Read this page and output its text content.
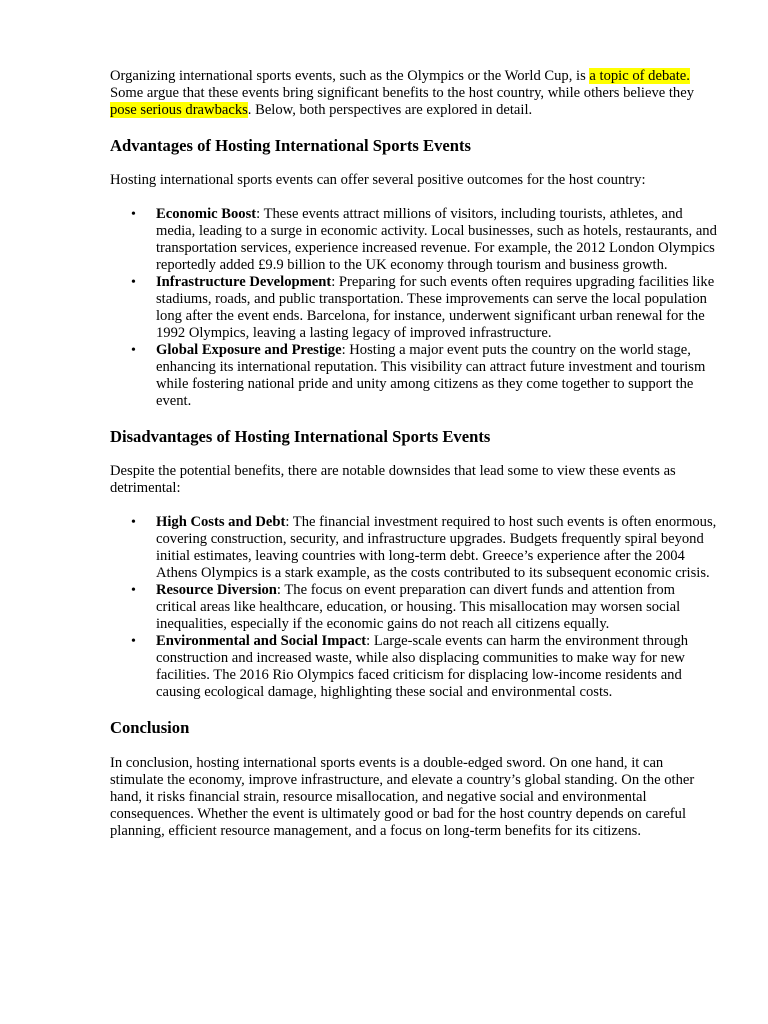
Organizing international sports events, such as the Olympics or the World Cup, is a topic of debate. Some argue that these events bring significant benefits to the host country, while others believe they pose serious drawbacks. Below, both perspectives are explored in detail.

Advantages of Hosting International Sports Events

Hosting international sports events can offer several positive outcomes for the host country:

• Economic Boost: These events attract millions of visitors, including tourists, athletes, and media, leading to a surge in economic activity. Local businesses, such as hotels, restaurants, and transportation services, experience increased revenue. For example, the 2012 London Olympics reportedly added £9.9 billion to the UK economy through tourism and business growth.
• Infrastructure Development: Preparing for such events often requires upgrading facilities like stadiums, roads, and public transportation. These improvements can serve the local population long after the event ends. Barcelona, for instance, underwent significant urban renewal for the 1992 Olympics, leaving a lasting legacy of improved infrastructure.
• Global Exposure and Prestige: Hosting a major event puts the country on the world stage, enhancing its international reputation. This visibility can attract future investment and tourism while fostering national pride and unity among citizens as they come together to support the event.
Disadvantages of Hosting International Sports Events

Despite the potential benefits, there are notable downsides that lead some to view these events as detrimental:

• High Costs and Debt: The financial investment required to host such events is often enormous, covering construction, security, and infrastructure upgrades. Budgets frequently spiral beyond initial estimates, leaving countries with long-term debt. Greece’s experience after the 2004 Athens Olympics is a stark example, as the costs contributed to its subsequent economic crisis.
• Resource Diversion: The focus on event preparation can divert funds and attention from critical areas like healthcare, education, or housing. This misallocation may worsen social inequalities, especially if the economic gains do not reach all citizens equally.
• Environmental and Social Impact: Large-scale events can harm the environment through construction and increased waste, while also displacing communities to make way for new facilities. The 2016 Rio Olympics faced criticism for displacing low-income residents and causing ecological damage, highlighting these social and environmental costs.
Conclusion

In conclusion, hosting international sports events is a double-edged sword. On one hand, it can stimulate the economy, improve infrastructure, and elevate a country’s global standing. On the other hand, it risks financial strain, resource misallocation, and negative social and environmental consequences. Whether the event is ultimately good or bad for the host country depends on careful planning, efficient resource management, and a focus on long-term benefits for its citizens.
